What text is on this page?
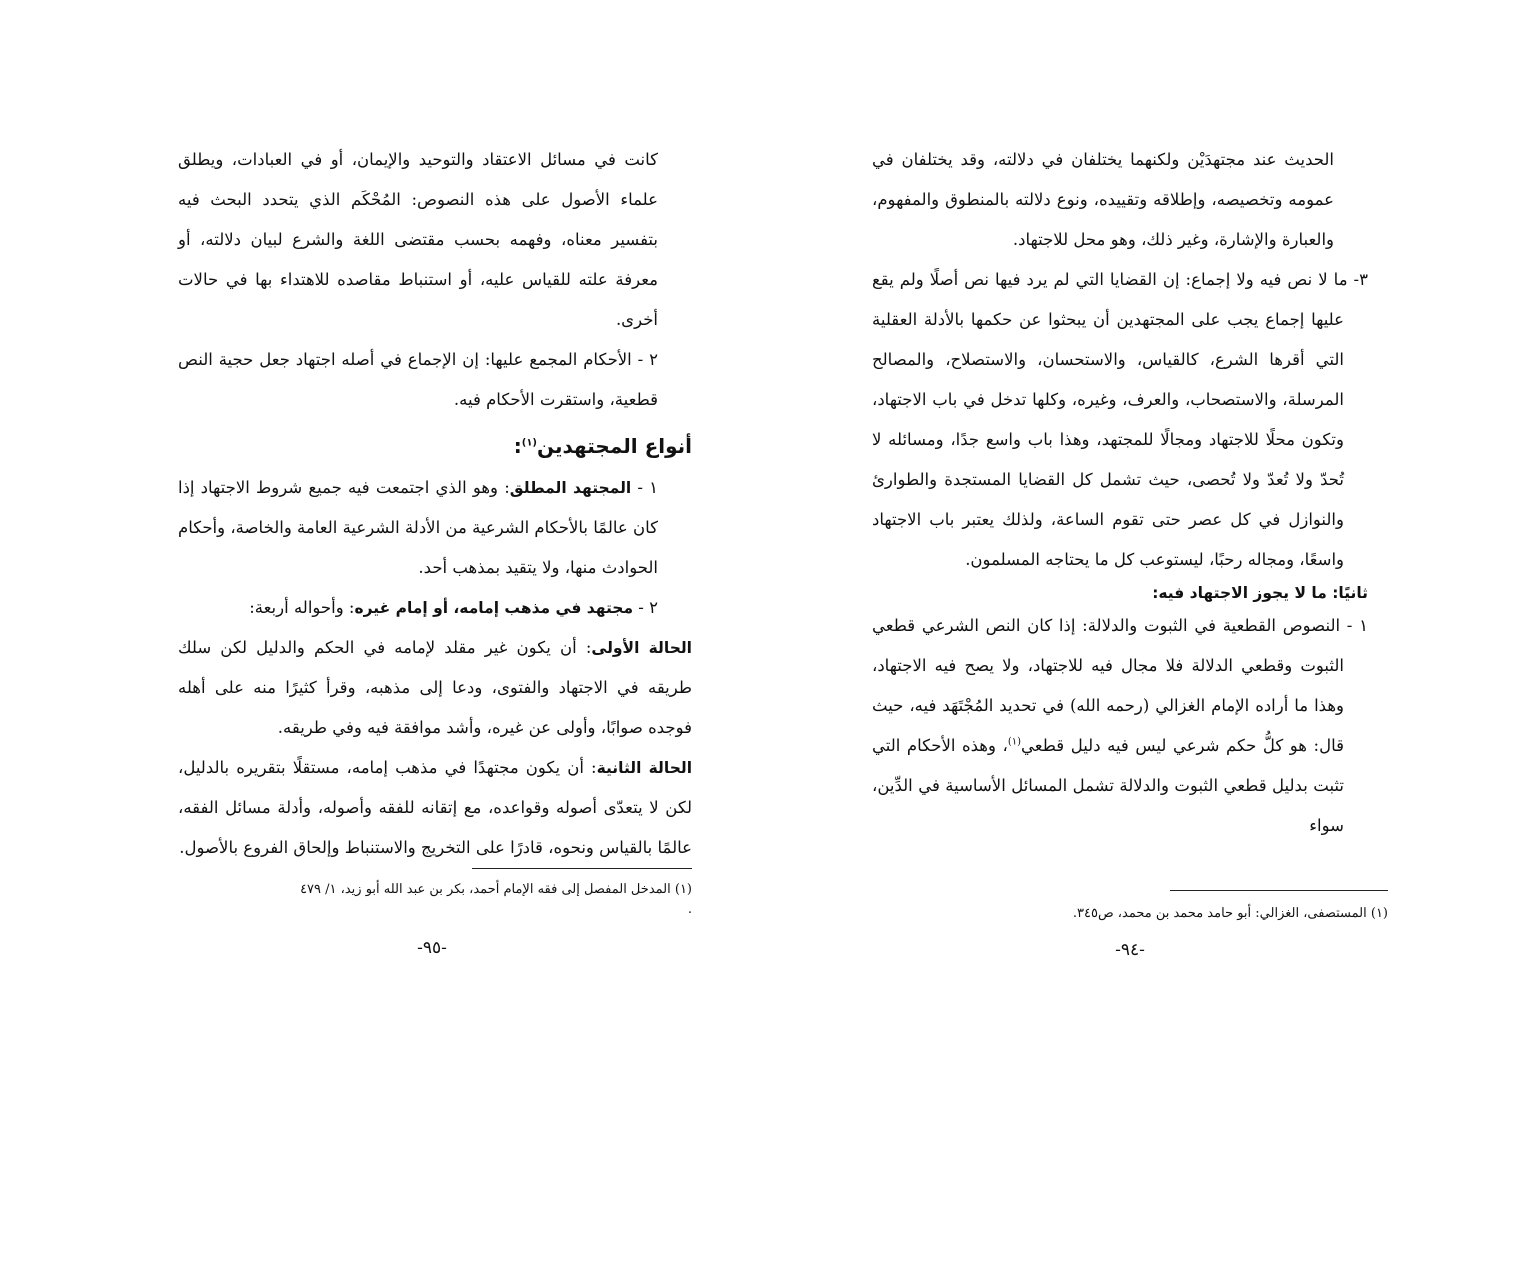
كانت في مسائل الاعتقاد والتوحيد والإيمان، أو في العبادات، ويطلق علماء الأصول على هذه النصوص: المُحْكَم الذي يتحدد البحث فيه بتفسير معناه، وفهمه بحسب مقتضى اللغة والشرع لبيان دلالته، أو معرفة علته للقياس عليه، أو استنباط مقاصده للاهتداء بها في حالات أخرى.

٢ - الأحكام المجمع عليها: إن الإجماع في أصله اجتهاد جعل حجية النص قطعية، واستقرت الأحكام فيه.

أنواع المجتهدين$^{(١)}$:

١ - المجتهد المطلق: وهو الذي اجتمعت فيه جميع شروط الاجتهاد إذا كان عالمًا بالأحكام الشرعية من الأدلة الشرعية العامة والخاصة، وأحكام الحوادث منها، ولا يتقيد بمذهب أحد.

٢ - مجتهد في مذهب إمامه، أو إمام غيره: وأحواله أربعة:

الحالة الأولى: أن يكون غير مقلد لإمامه في الحكم والدليل لكن سلك طريقه في الاجتهاد والفتوى، ودعا إلى مذهبه، وقرأ كثيرًا منه على أهله فوجده صوابًا، وأولى عن غيره، وأشد موافقة فيه وفي طريقه.

الحالة الثانية: أن يكون مجتهدًا في مذهب إمامه، مستقلًا بتقريره بالدليل، لكن لا يتعدّى أصوله وقواعده، مع إتقانه للفقه وأصوله، وأدلة مسائل الفقه، عالمًا بالقياس ونحوه، قادرًا على التخريج والاستنباط وإلحاق الفروع بالأصول.

(١) المدخل المفصل إلى فقه الإمام أحمد، بكر بن عبد الله أبو زيد، ١/ ٤٧٩ .
-٩٥-

الحديث عند مجتهدَيْن ولكنهما يختلفان في دلالته، وقد يختلفان في عمومه وتخصيصه، وإطلاقه وتقييده، ونوع دلالته بالمنطوق والمفهوم، والعبارة والإشارة، وغير ذلك، وهو محل للاجتهاد.

٣- ما لا نص فيه ولا إجماع: إن القضايا التي لم يرد فيها نص أصلًا ولم يقع عليها إجماع يجب على المجتهدين أن يبحثوا عن حكمها بالأدلة العقلية التي أقرها الشرع، كالقياس، والاستحسان، والاستصلاح، والمصالح المرسلة، والاستصحاب، والعرف، وغيره، وكلها تدخل في باب الاجتهاد، وتكون محلًا للاجتهاد ومجالًا للمجتهد، وهذا باب واسع جدًا، ومسائله لا تُحدّ ولا تُعدّ ولا تُحصى، حيث تشمل كل القضايا المستجدة والطوارئ والنوازل في كل عصر حتى تقوم الساعة، ولذلك يعتبر باب الاجتهاد واسعًا، ومجاله رحبًا، ليستوعب كل ما يحتاجه المسلمون.

ثانيًا: ما لا يجوز الاجتهاد فيه:

١ - النصوص القطعية في الثبوت والدلالة: إذا كان النص الشرعي قطعي الثبوت وقطعي الدلالة فلا مجال فيه للاجتهاد، ولا يصح فيه الاجتهاد، وهذا ما أراده الإمام الغزالي (رحمه الله) في تحديد المُجْتَهَد فيه، حيث قال: هو كلُّ حكم شرعي ليس فيه دليل قطعي$^{(١)}$، وهذه الأحكام التي تثبت بدليل قطعي الثبوت والدلالة تشمل المسائل الأساسية في الدِّين، سواء

(١) المستصفى، الغزالي: أبو حامد محمد بن محمد، ص٣٤٥.
-٩٤-
